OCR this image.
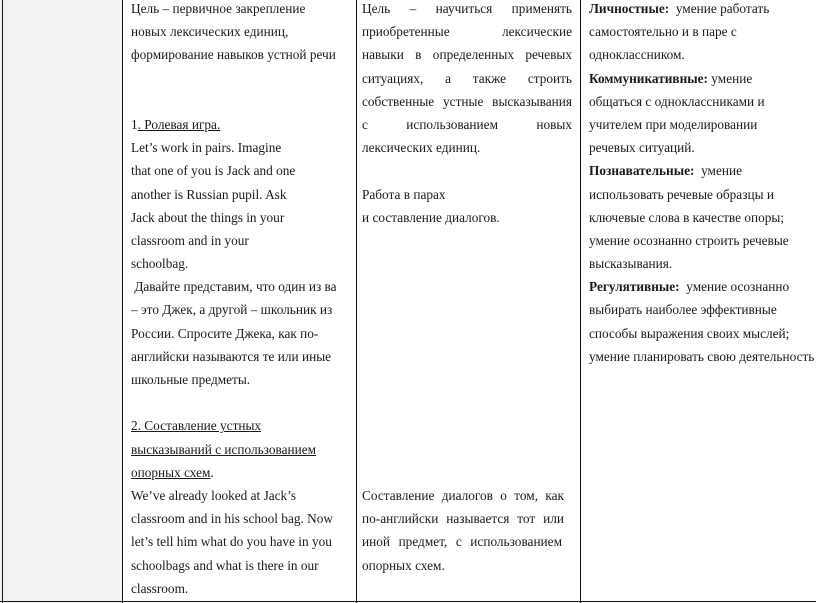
Цель – первичное закрепление
новых лексических единиц,
формирование навыков устной речи
1. Ролевая игра.
Let’s work in pairs. Imagine
that one of you is Jack and one
another is Russian pupil. Ask
Jack about the things in your
classroom and in your
schoolbag.
Давайте представим, что один из ва
– это Джек, а другой – школьник из
России. Спросите Джека, как по-
английски называются те или иные
школьные предметы.
2. Составление устных
высказываний с использованием
опорных схем.
We’ve already looked at Jack’s
classroom and in his school bag. Now
let’s tell him what do you have in you
schoolbags and what is there in our
classroom.
Цель – научиться применять
приобретенные лексические
навыки в определенных речевых
ситуациях, а также строить
собственные устные высказывания
с использованием новых
лексических единиц.
Работа в парах
и составление диалогов.
Составление диалогов о том, как
по-английски называется тот или
иной предмет, с использованием
опорных схем.
Личностные:  умение работать
самостоятельно и в паре с
одноклассником.
Коммуникативные: умение
общаться с одноклассниками и
учителем при моделировании
речевых ситуаций.
Познавательные:  умение
использовать речевые образцы и
ключевые слова в качестве опоры;
умение осознанно строить речевые
высказывания.
Регулятивные:  умение осознанно
выбирать наиболее эффективные
способы выражения своих мыслей;
умение планировать свою деятельность
